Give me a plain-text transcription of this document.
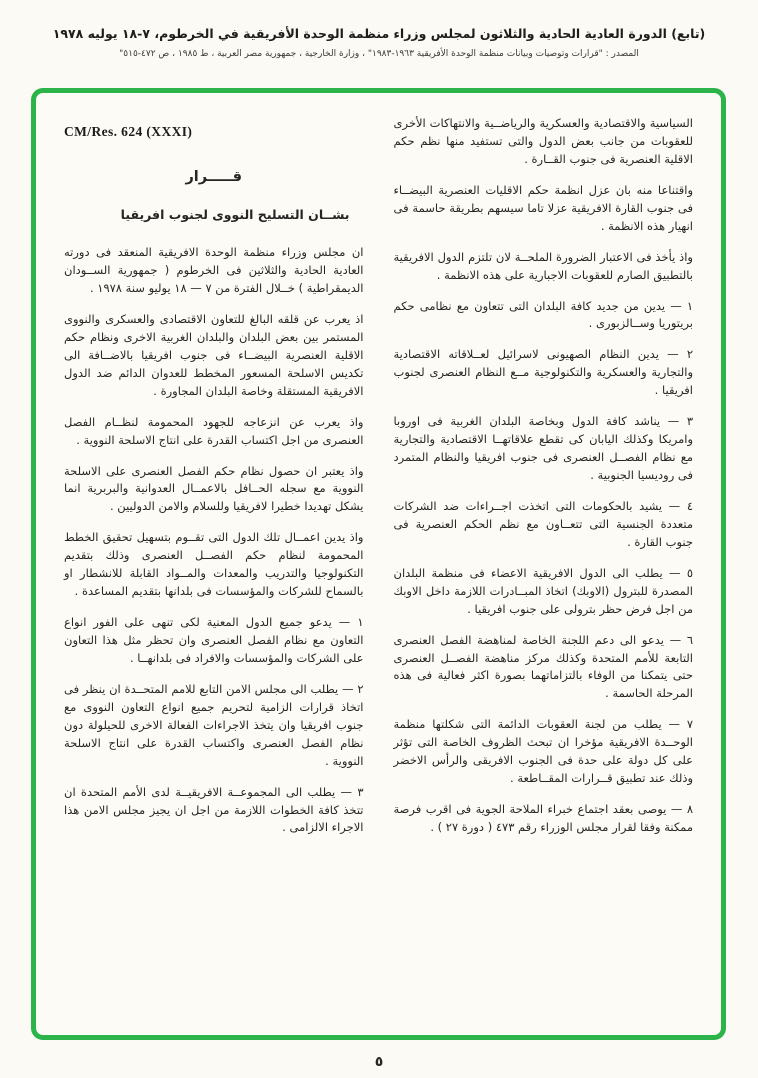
(تابع) الدورة العادية الحادية والثلاثون لمجلس وزراء منظمة الوحدة الأفريقية في الخرطوم، ٧-١٨ يوليه ١٩٧٨
المصدر : "قرارات وتوصيات وبيانات منظمة الوحدة الأفريقية ١٩٦٣-١٩٨٣" ، وزارة الخارجية ، جمهورية مصر العربية ، ط ١٩٨٥ ، ص ٤٧٢-٥١٥"

السياسية والاقتصادية والعسكرية والرياضــية والانتهاكات الأخرى للعقوبات من جانب بعض الدول والتى تستفيد منها نظم حكم الاقلية العنصرية فى جنوب القــارة .

واقتناعا منه بان عزل انظمة حكم الاقليات العنصرية البيضــاء فى جنوب القارة الافريقية عزلا تاما سيسهم بطريقة حاسمة فى انهيار هذه الانظمة .

واذ يأخذ فى الاعتبار الضرورة الملحــة لان تلتزم الدول الافريقية بالتطبيق الصارم للعقوبات الاجبارية على هذه الانظمة .

١ — يدين من جديد كافة البلدان التى تتعاون مع نظامى حكم بريتوريا وســالزبورى .

٢ — يدين النظام الصهيونى لاسرائيل لعــلاقاته الاقتصادية والتجارية والعسكرية والتكنولوجية مــع النظام العنصرى لجنوب افريقيا .

٣ — يناشد كافة الدول وبخاصة البلدان الغربية فى اوروبا وامريكا وكذلك اليابان كى تقطع علاقاتهــا الاقتصادية والتجارية مع نظام الفصــل العنصرى فى جنوب افريقيا والنظام المتمرد فى روديسيا الجنوبية .

٤ — يشيد بالحكومات التى اتخذت اجــراءات ضد الشركات متعددة الجنسية التى تتعــاون مع نظم الحكم العنصرية فى جنوب القارة .

٥ — يطلب الى الدول الافريقية الاعضاء فى منظمة البلدان المصدرة للبترول (الاوبك) اتخاذ المبــادرات اللازمة داخل الاوبك من اجل فرض حظر بترولى على جنوب افريقيا .

٦ — يدعو الى دعم اللجنة الخاصة لمناهضة الفصل العنصرى التابعة للأمم المتحدة وكذلك مركز مناهضة الفصــل العنصرى حتى يتمكنا من الوفاء بالتزاماتهما بصورة اكثر فعالية فى هذه المرحلة الحاسمة .

٧ — يطلب من لجنة العقوبات الدائمة التى شكلتها منظمة الوحــدة الافريقية مؤخرا ان تبحث الظروف الخاصة التى تؤثر على كل دولة على حدة فى الجنوب الافريقى والرأس الاخضر وذلك عند تطبيق قــرارات المقــاطعة .

٨ — يوصى بعقد اجتماع خبراء الملاحة الجوية فى اقرب فرصة ممكنة وفقا لقرار مجلس الوزراء رقم ٤٧٣ ( دورة ٢٧ ) .

CM/Res. 624 (XXXI)
قـــــرار
بشــان التسليح النووى لجنوب افريقيا

ان مجلس وزراء منظمة الوحدة الافريقية المنعقد فى دورته العادية الحادية والثلاثين فى الخرطوم ( جمهورية الســودان الديمقراطية ) خــلال الفترة من ٧ — ١٨ يوليو سنة ١٩٧٨ .

اذ يعرب عن قلقه البالغ للتعاون الاقتصادى والعسكرى والنووى المستمر بين بعض البلدان والبلدان الغربية الاخرى ونظام حكم الاقلية العنصرية البيضــاء فى جنوب افريقيا بالاضــافة الى تكديس الاسلحة المسعور المخطط للعدوان الدائم ضد الدول الافريقية المستقلة وخاصة البلدان المجاورة .

واذ يعرب عن انزعاجه للجهود المحمومة لنظــام الفصل العنصرى من اجل اكتساب القدرة على انتاج الاسلحة النووية .

واذ يعتبر ان حصول نظام حكم الفصل العنصرى على الاسلحة النووية مع سجله الحــافل بالاعمــال العدوانية والبربرية انما يشكل تهديدا خطيرا لافريقيا وللسلام والامن الدوليين .

واذ يدين اعمــال تلك الدول التى تقــوم بتسهيل تحقيق الخطط المحمومة لنظام حكم الفصــل العنصرى وذلك بتقديم التكنولوجيا والتدريب والمعدات والمــواد القابلة للانشطار او بالسماح للشركات والمؤسسات فى بلدانها بتقديم المساعدة .

١ — يدعو جميع الدول المعنية لكى تنهى على الفور انواع التعاون مع نظام الفصل العنصرى وان تحظر مثل هذا التعاون على الشركات والمؤسسات والافراد فى بلدانهــا .

٢ — يطلب الى مجلس الامن التابع للامم المتحــدة ان ينظر فى اتخاذ قرارات الزامية لتحريم جميع انواع التعاون النووى مع جنوب افريقيا وان يتخذ الاجراءات الفعالة الاخرى للحيلولة دون نظام الفصل العنصرى واكتساب القدرة على انتاج الاسلحة النووية .

٣ — يطلب الى المجموعــة الافريقيــة لدى الأمم المتحدة ان تتخذ كافة الخطوات اللازمة من اجل ان يجيز مجلس الامن هذا الاجراء الالزامى .

٥
